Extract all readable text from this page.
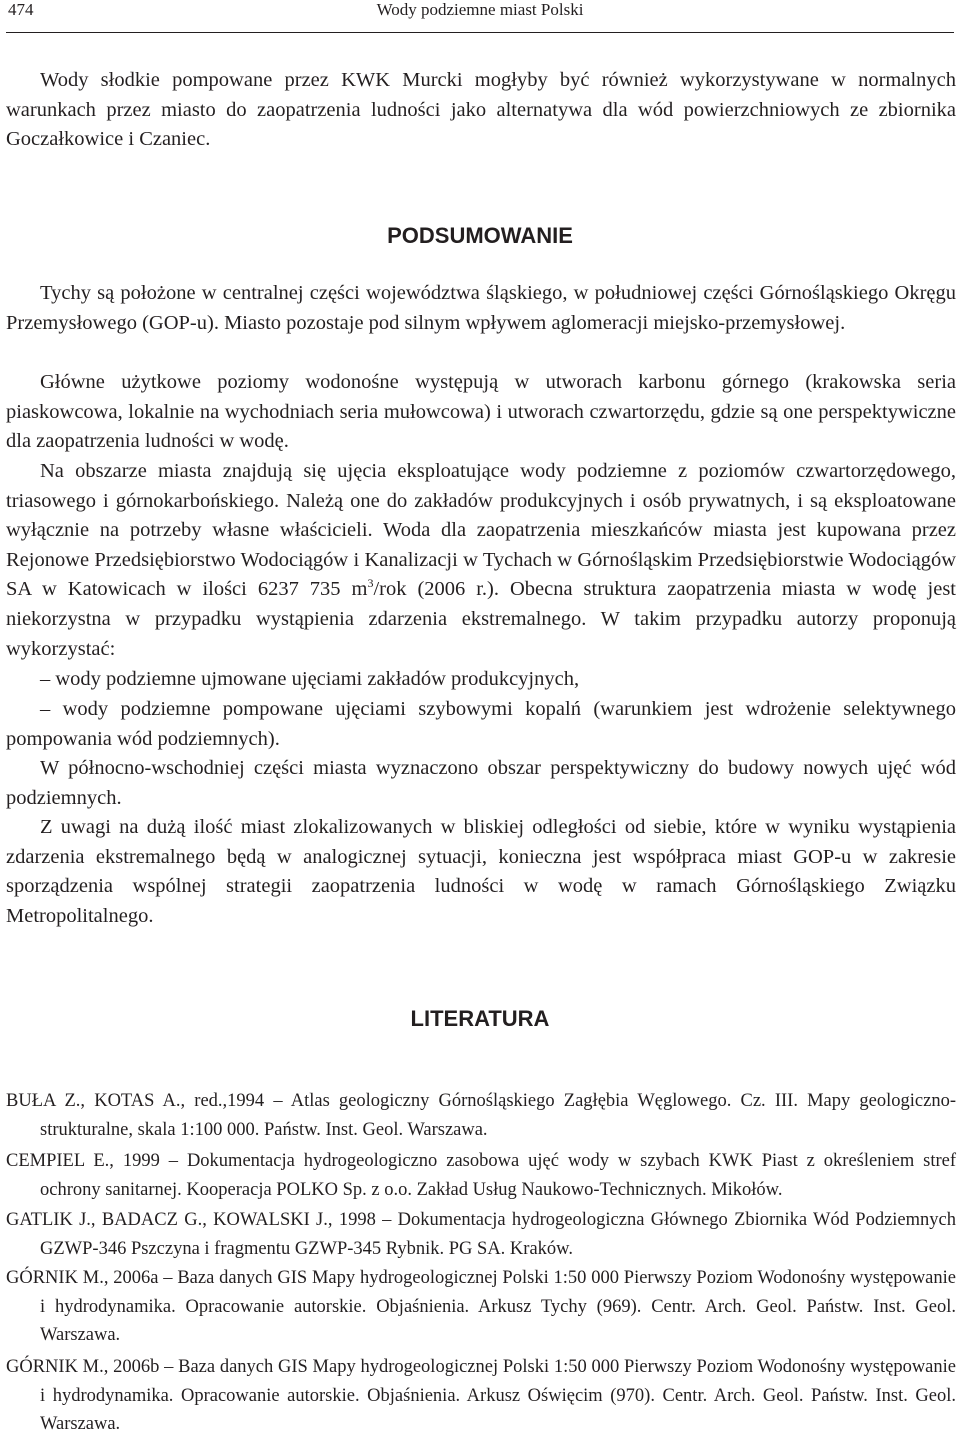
474	Wody podziemne miast Polski

Wody słodkie pompowane przez KWK Murcki mogłyby być również wykorzystywane w normalnych warunkach przez miasto do zaopatrzenia ludności jako alternatywa dla wód powierzchniowych ze zbiornika Goczałkowice i Czaniec.

PODSUMOWANIE

Tychy są położone w centralnej części województwa śląskiego, w południowej części Górnośląskiego Okręgu Przemysłowego (GOP-u). Miasto pozostaje pod silnym wpływem aglomeracji miejsko-przemysłowej.

Główne użytkowe poziomy wodonośne występują w utworach karbonu górnego (krakowska seria piaskowcowa, lokalnie na wychodniach seria mułowcowa) i utworach czwartorzędu, gdzie są one perspektywiczne dla zaopatrzenia ludności w wodę.

Na obszarze miasta znajdują się ujęcia eksploatujące wody podziemne z poziomów czwartorzędowego, triasowego i górnokarbońskiego. Należą one do zakładów produkcyjnych i osób prywatnych, i są eksploatowane wyłącznie na potrzeby własne właścicieli. Woda dla zaopatrzenia mieszkańców miasta jest kupowana przez Rejonowe Przedsiębiorstwo Wodociągów i Kanalizacji w Tychach w Górnośląskim Przedsiębiorstwie Wodociągów SA w Katowicach w ilości 6237 735 $m^3$/rok (2006 r.). Obecna struktura zaopatrzenia miasta w wodę jest niekorzystna w przypadku wystąpienia zdarzenia ekstremalnego. W takim przypadku autorzy proponują wykorzystać:

– wody podziemne ujmowane ujęciami zakładów produkcyjnych,

– wody podziemne pompowane ujęciami szybowymi kopalń (warunkiem jest wdrożenie selektywnego pompowania wód podziemnych).

W północno-wschodniej części miasta wyznaczono obszar perspektywiczny do budowy nowych ujęć wód podziemnych.

Z uwagi na dużą ilość miast zlokalizowanych w bliskiej odległości od siebie, które w wyniku wystąpienia zdarzenia ekstremalnego będą w analogicznej sytuacji, konieczna jest współpraca miast GOP-u w zakresie sporządzenia wspólnej strategii zaopatrzenia ludności w wodę w ramach Górnośląskiego Związku Metropolitalnego.

LITERATURA

BUŁA Z., KOTAS A., red.,1994 – Atlas geologiczny Górnośląskiego Zagłębia Węglowego. Cz. III. Mapy geologiczno-strukturalne, skala 1:100 000. Państw. Inst. Geol. Warszawa.

CEMPIEL E., 1999 – Dokumentacja hydrogeologiczno zasobowa ujęć wody w szybach KWK Piast z określeniem stref ochrony sanitarnej. Kooperacja POLKO Sp. z o.o. Zakład Usług Naukowo-Technicznych. Mikołów.

GATLIK J., BADACZ G., KOWALSKI J., 1998 – Dokumentacja hydrogeologiczna Głównego Zbiornika Wód Podziemnych GZWP-346 Pszczyna i fragmentu GZWP-345 Rybnik. PG SA. Kraków.

GÓRNIK M., 2006a – Baza danych GIS Mapy hydrogeologicznej Polski 1:50 000 Pierwszy Poziom Wodonośny występowanie i hydrodynamika. Opracowanie autorskie. Objaśnienia. Arkusz Tychy (969). Centr. Arch. Geol. Państw. Inst. Geol. Warszawa.

GÓRNIK M., 2006b – Baza danych GIS Mapy hydrogeologicznej Polski 1:50 000 Pierwszy Poziom Wodonośny występowanie i hydrodynamika. Opracowanie autorskie. Objaśnienia. Arkusz Oświęcim (970). Centr. Arch. Geol. Państw. Inst. Geol. Warszawa.
